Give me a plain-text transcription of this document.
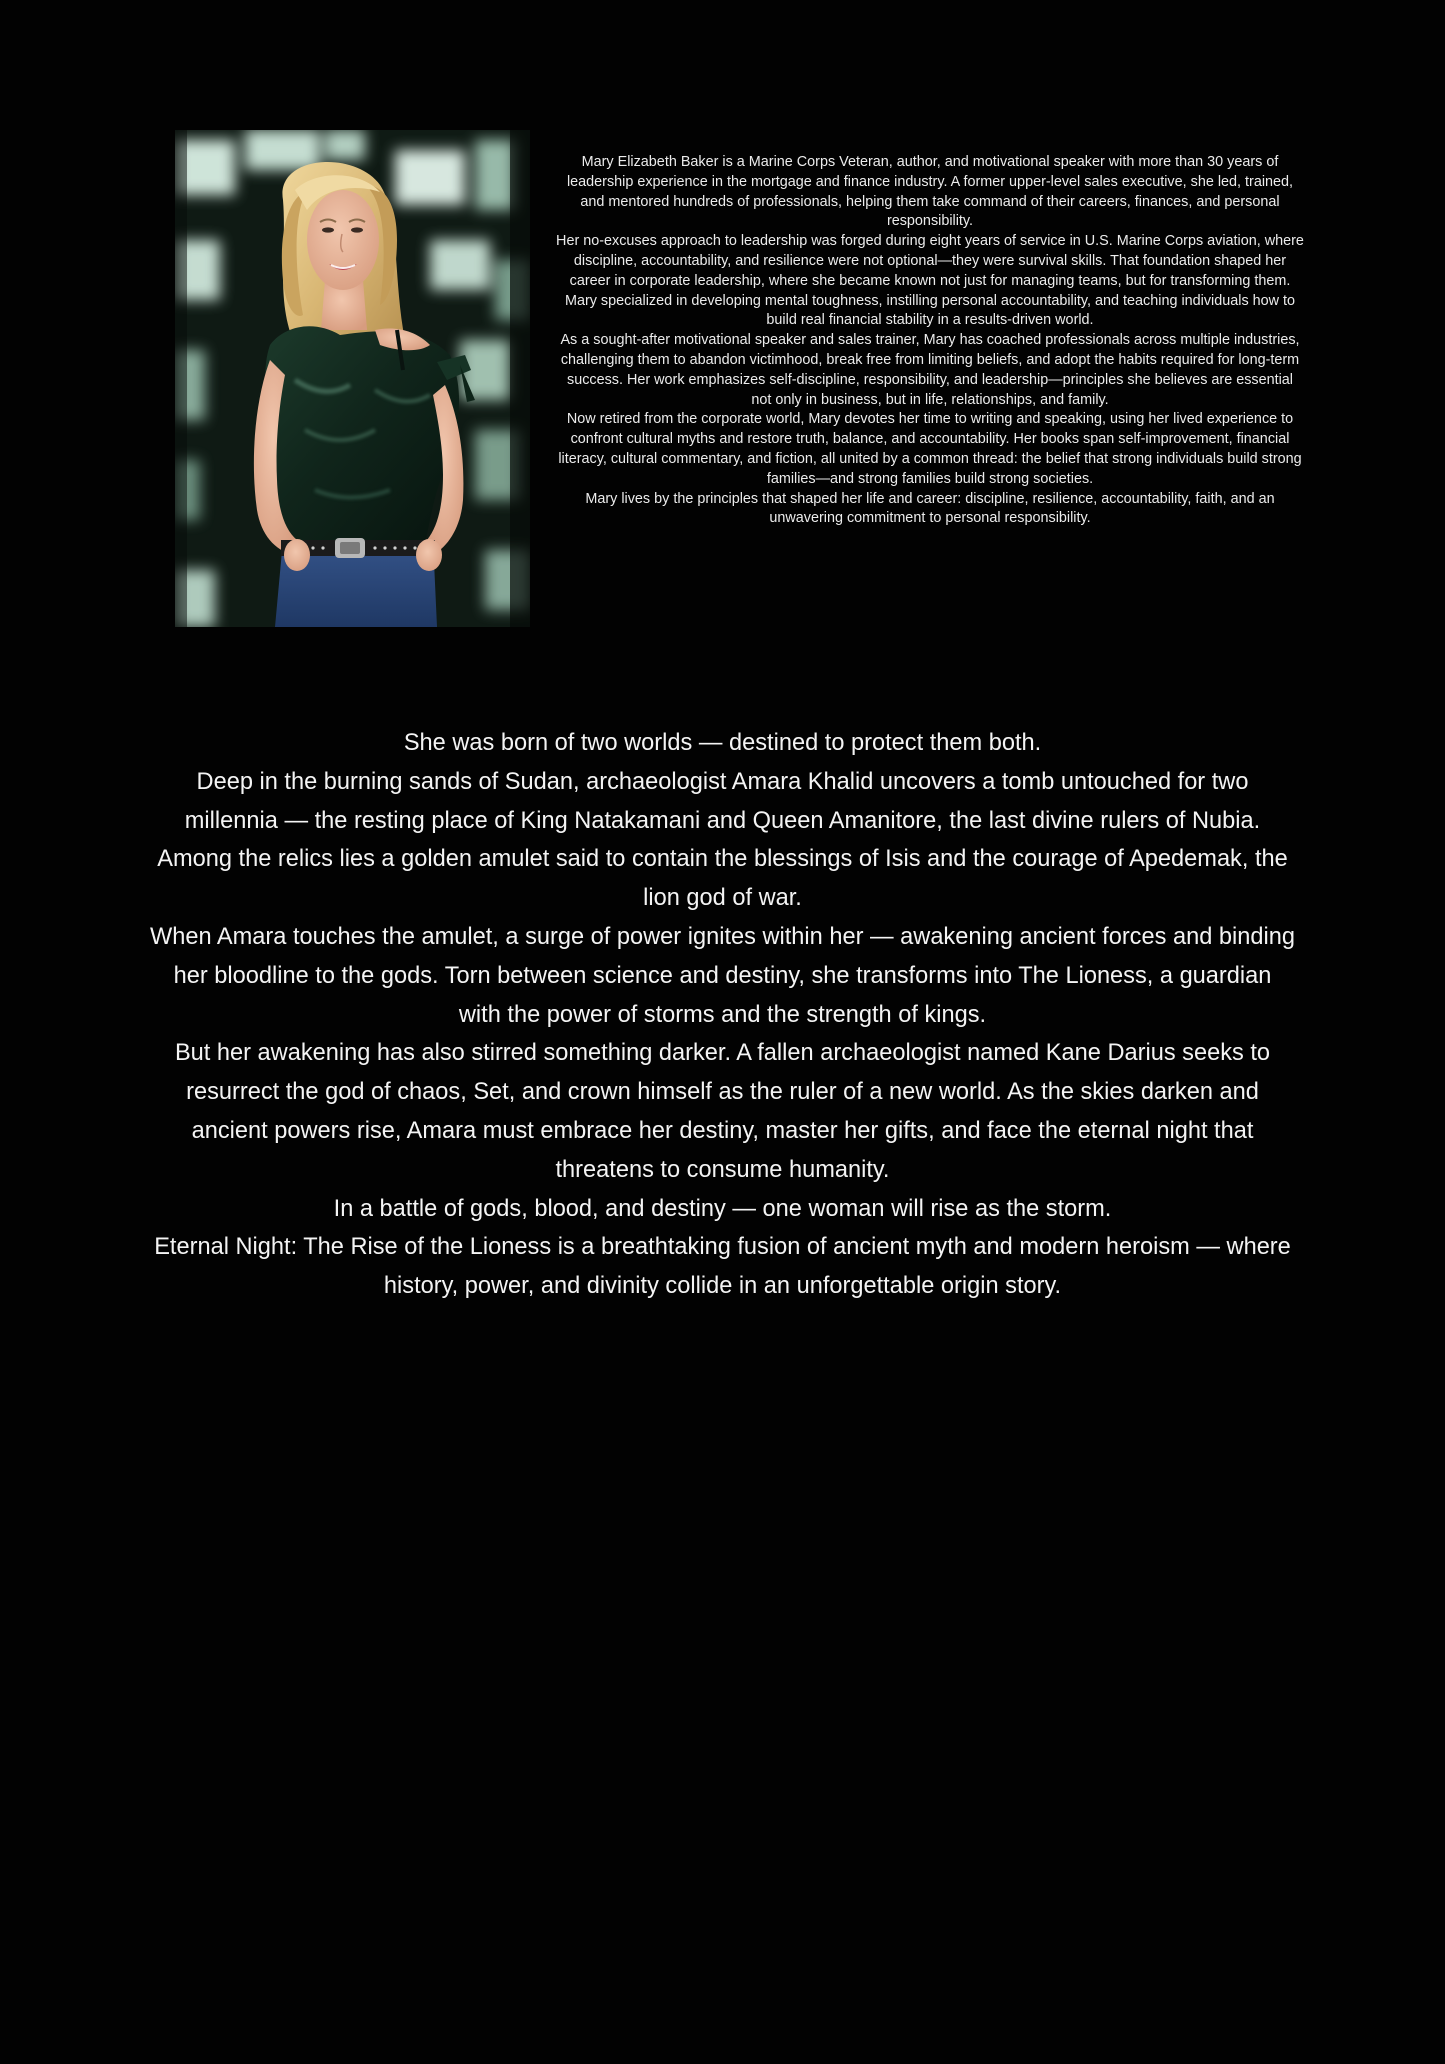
Mary Elizabeth Baker is a Marine Corps Veteran, author, and motivational speaker with more than 30 years of leadership experience in the mortgage and finance industry. A former upper-level sales executive, she led, trained, and mentored hundreds of professionals, helping them take command of their careers, finances, and personal responsibility.

Her no-excuses approach to leadership was forged during eight years of service in U.S. Marine Corps aviation, where discipline, accountability, and resilience were not optional—they were survival skills. That foundation shaped her career in corporate leadership, where she became known not just for managing teams, but for transforming them. Mary specialized in developing mental toughness, instilling personal accountability, and teaching individuals how to build real financial stability in a results-driven world.

As a sought-after motivational speaker and sales trainer, Mary has coached professionals across multiple industries, challenging them to abandon victimhood, break free from limiting beliefs, and adopt the habits required for long-term success. Her work emphasizes self-discipline, responsibility, and leadership—principles she believes are essential not only in business, but in life, relationships, and family.

Now retired from the corporate world, Mary devotes her time to writing and speaking, using her lived experience to confront cultural myths and restore truth, balance, and accountability. Her books span self-improvement, financial literacy, cultural commentary, and fiction, all united by a common thread: the belief that strong individuals build strong families—and strong families build strong societies.

Mary lives by the principles that shaped her life and career: discipline, resilience, accountability, faith, and an unwavering commitment to personal responsibility.

She was born of two worlds — destined to protect them both.

Deep in the burning sands of Sudan, archaeologist Amara Khalid uncovers a tomb untouched for two millennia — the resting place of King Natakamani and Queen Amanitore, the last divine rulers of Nubia. Among the relics lies a golden amulet said to contain the blessings of Isis and the courage of Apedemak, the lion god of war.

When Amara touches the amulet, a surge of power ignites within her — awakening ancient forces and binding her bloodline to the gods. Torn between science and destiny, she transforms into The Lioness, a guardian with the power of storms and the strength of kings.

But her awakening has also stirred something darker. A fallen archaeologist named Kane Darius seeks to resurrect the god of chaos, Set, and crown himself as the ruler of a new world. As the skies darken and ancient powers rise, Amara must embrace her destiny, master her gifts, and face the eternal night that threatens to consume humanity.

In a battle of gods, blood, and destiny — one woman will rise as the storm.

Eternal Night: The Rise of the Lioness is a breathtaking fusion of ancient myth and modern heroism — where history, power, and divinity collide in an unforgettable origin story.
